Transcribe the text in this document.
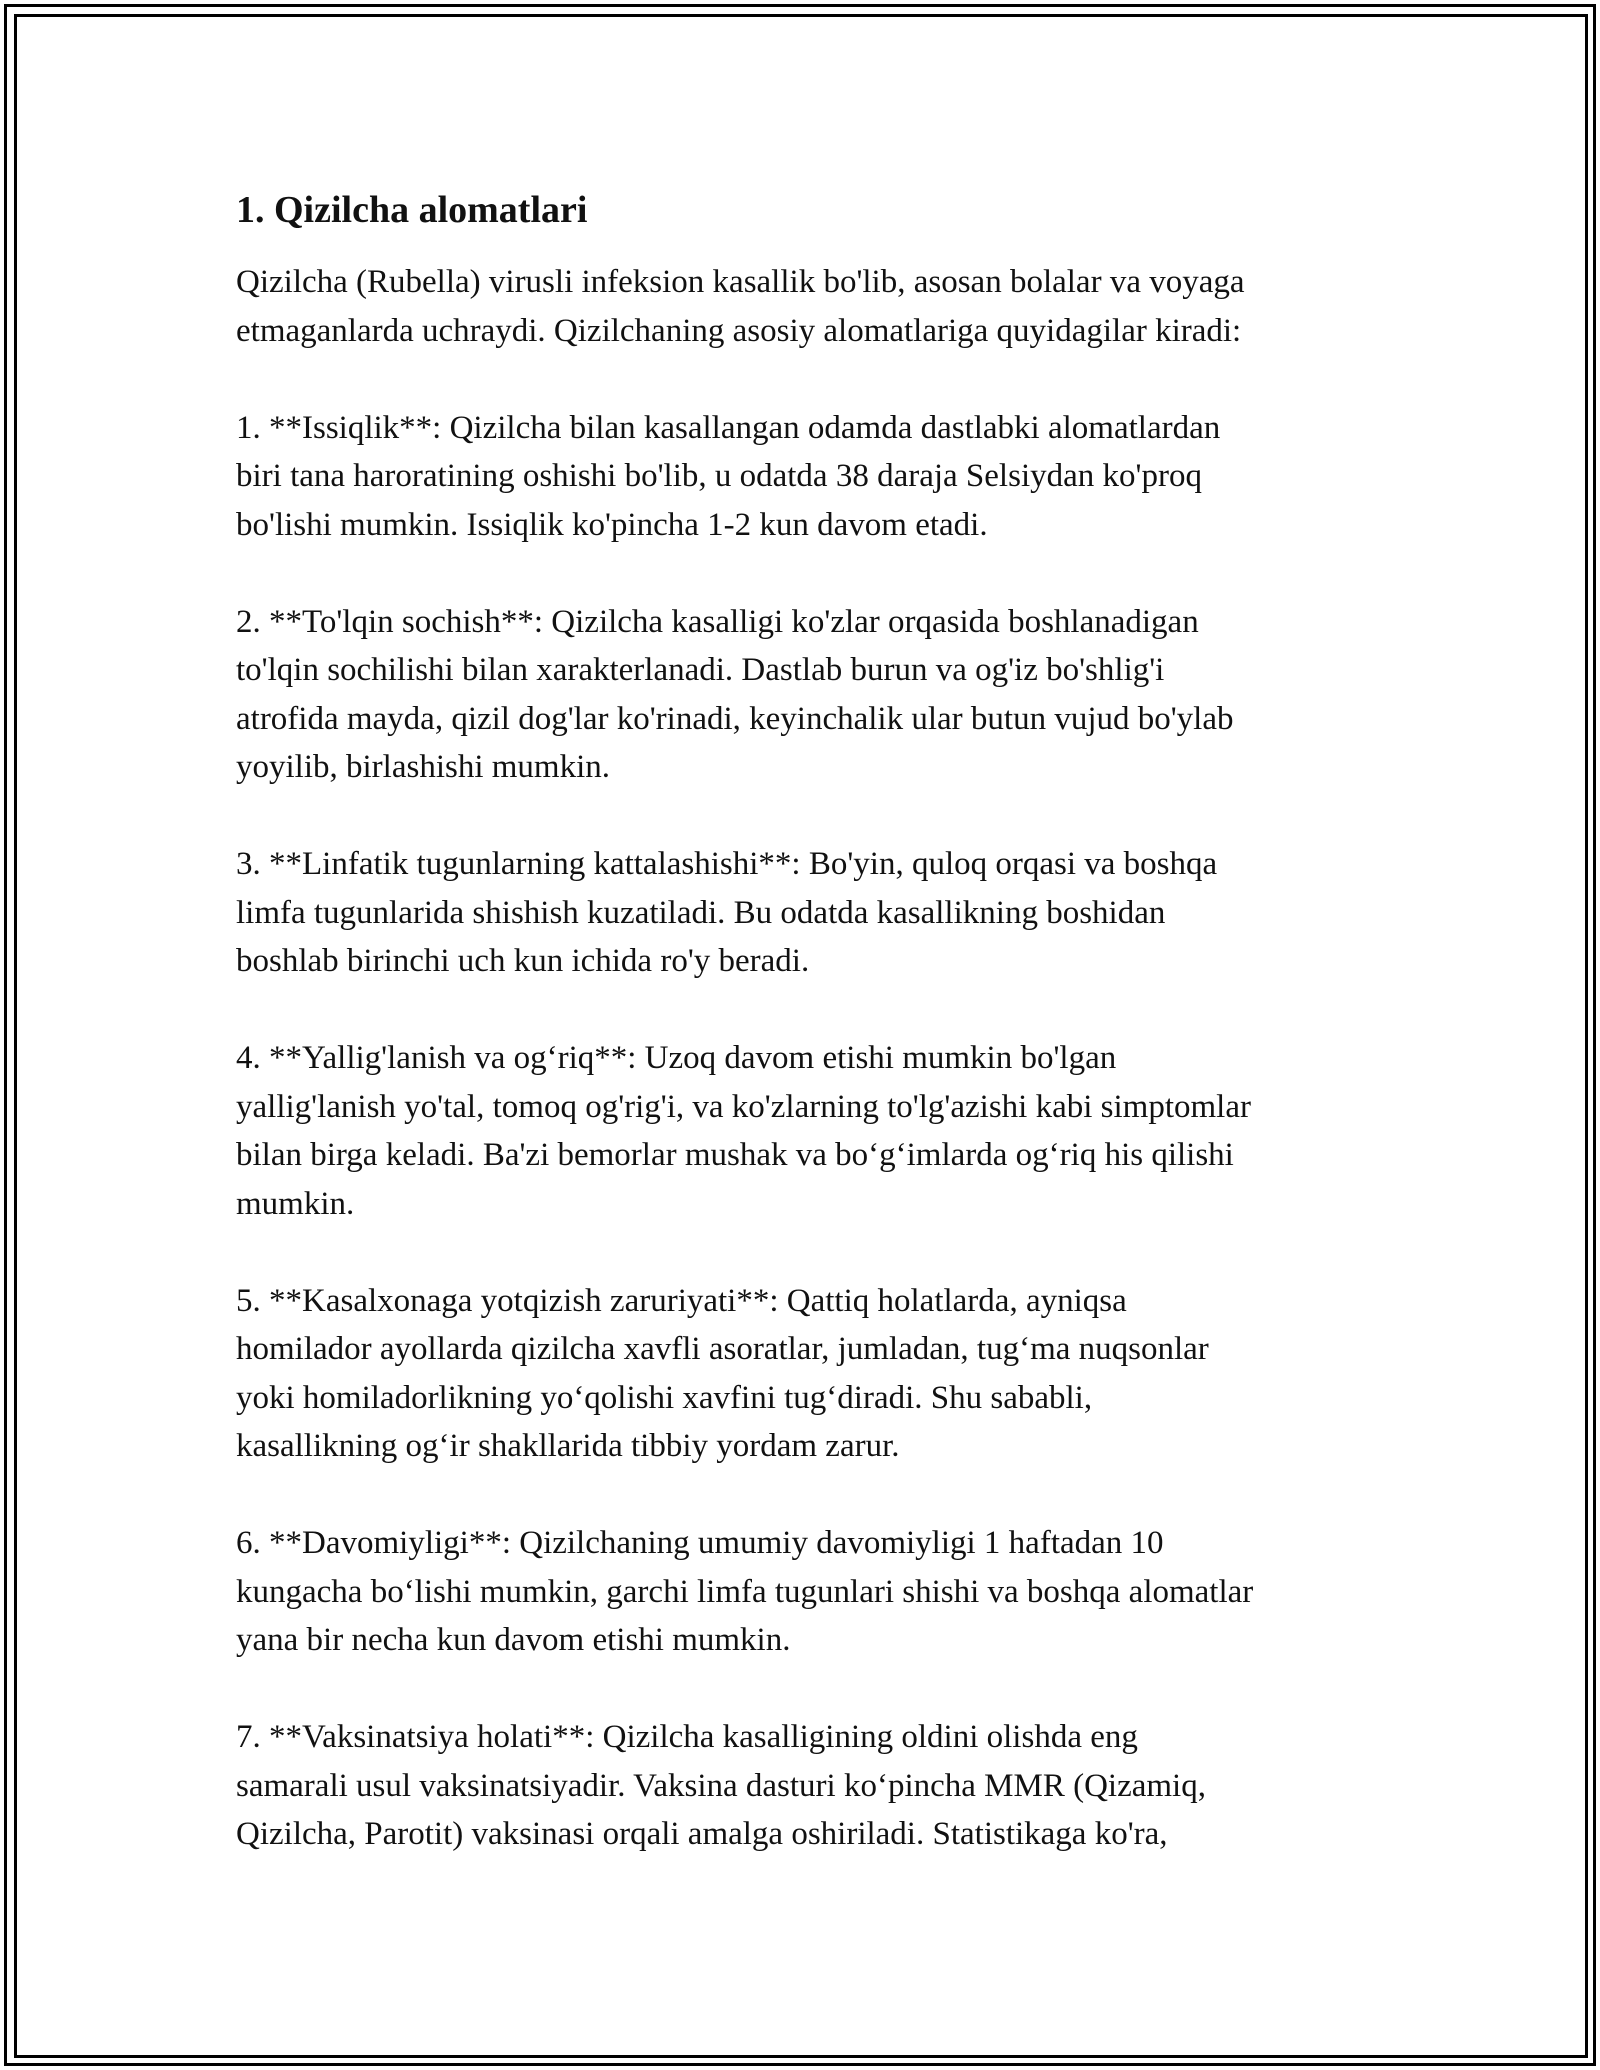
1. Qizilcha alomatlari

Qizilcha (Rubella) virusli infeksion kasallik bo'lib, asosan bolalar va voyaga
etmaganlarda uchraydi. Qizilchaning asosiy alomatlariga quyidagilar kiradi:

1. **Issiqlik**: Qizilcha bilan kasallangan odamda dastlabki alomatlardan
biri tana haroratining oshishi bo'lib, u odatda 38 daraja Selsiydan ko'proq
bo'lishi mumkin. Issiqlik ko'pincha 1-2 kun davom etadi.

2. **To'lqin sochish**: Qizilcha kasalligi ko'zlar orqasida boshlanadigan
to'lqin sochilishi bilan xarakterlanadi. Dastlab burun va og'iz bo'shlig'i
atrofida mayda, qizil dog'lar ko'rinadi, keyinchalik ular butun vujud bo'ylab
yoyilib, birlashishi mumkin.

3. **Linfatik tugunlarning kattalashishi**: Bo'yin, quloq orqasi va boshqa
limfa tugunlarida shishish kuzatiladi. Bu odatda kasallikning boshidan
boshlab birinchi uch kun ichida ro'y beradi.

4. **Yallig'lanish va og‘riq**: Uzoq davom etishi mumkin bo'lgan
yallig'lanish yo'tal, tomoq og'rig'i, va ko'zlarning to'lg'azishi kabi simptomlar
bilan birga keladi. Ba'zi bemorlar mushak va bo‘g‘imlarda og‘riq his qilishi
mumkin.

5. **Kasalxonaga yotqizish zaruriyati**: Qattiq holatlarda, ayniqsa
homilador ayollarda qizilcha xavfli asoratlar, jumladan, tug‘ma nuqsonlar
yoki homiladorlikning yo‘qolishi xavfini tug‘diradi. Shu sababli,
kasallikning og‘ir shakllarida tibbiy yordam zarur.

6. **Davomiyligi**: Qizilchaning umumiy davomiyligi 1 haftadan 10
kungacha bo‘lishi mumkin, garchi limfa tugunlari shishi va boshqa alomatlar
yana bir necha kun davom etishi mumkin.

7. **Vaksinatsiya holati**: Qizilcha kasalligining oldini olishda eng
samarali usul vaksinatsiyadir. Vaksina dasturi ko‘pincha MMR (Qizamiq,
Qizilcha, Parotit) vaksinasi orqali amalga oshiriladi. Statistikaga ko'ra,
